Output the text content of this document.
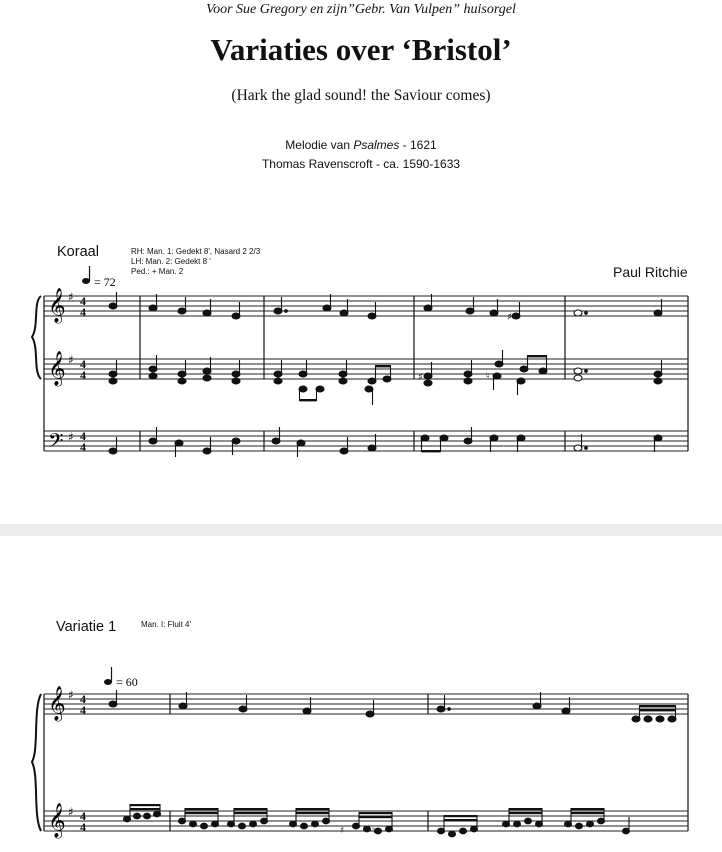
Voor Sue Gregory en zijn”Gebr. Van Vulpen” huisorgel
Variaties over ‘Bristol’
(Hark the glad sound! the Saviour comes)
Melodie van Psalmes - 1621
Thomas Ravenscroft - ca. 1590-1633
Koraal	RH: Man. 1: Gedekt 8', Nasard 2 2/3
LH: Man. 2: Gedekt 8 '
Ped.: + Man. 2	Paul Ritchie
= 72
𝄞
𝄞
𝄢
♯
♯
♯
4
4
4
4
4
4
♯
♯	♮
Variatie 1	Man. I: Fluit 4'
= 60
𝄞
𝄞
♯
♯
4
4
4
4	♯	♮
